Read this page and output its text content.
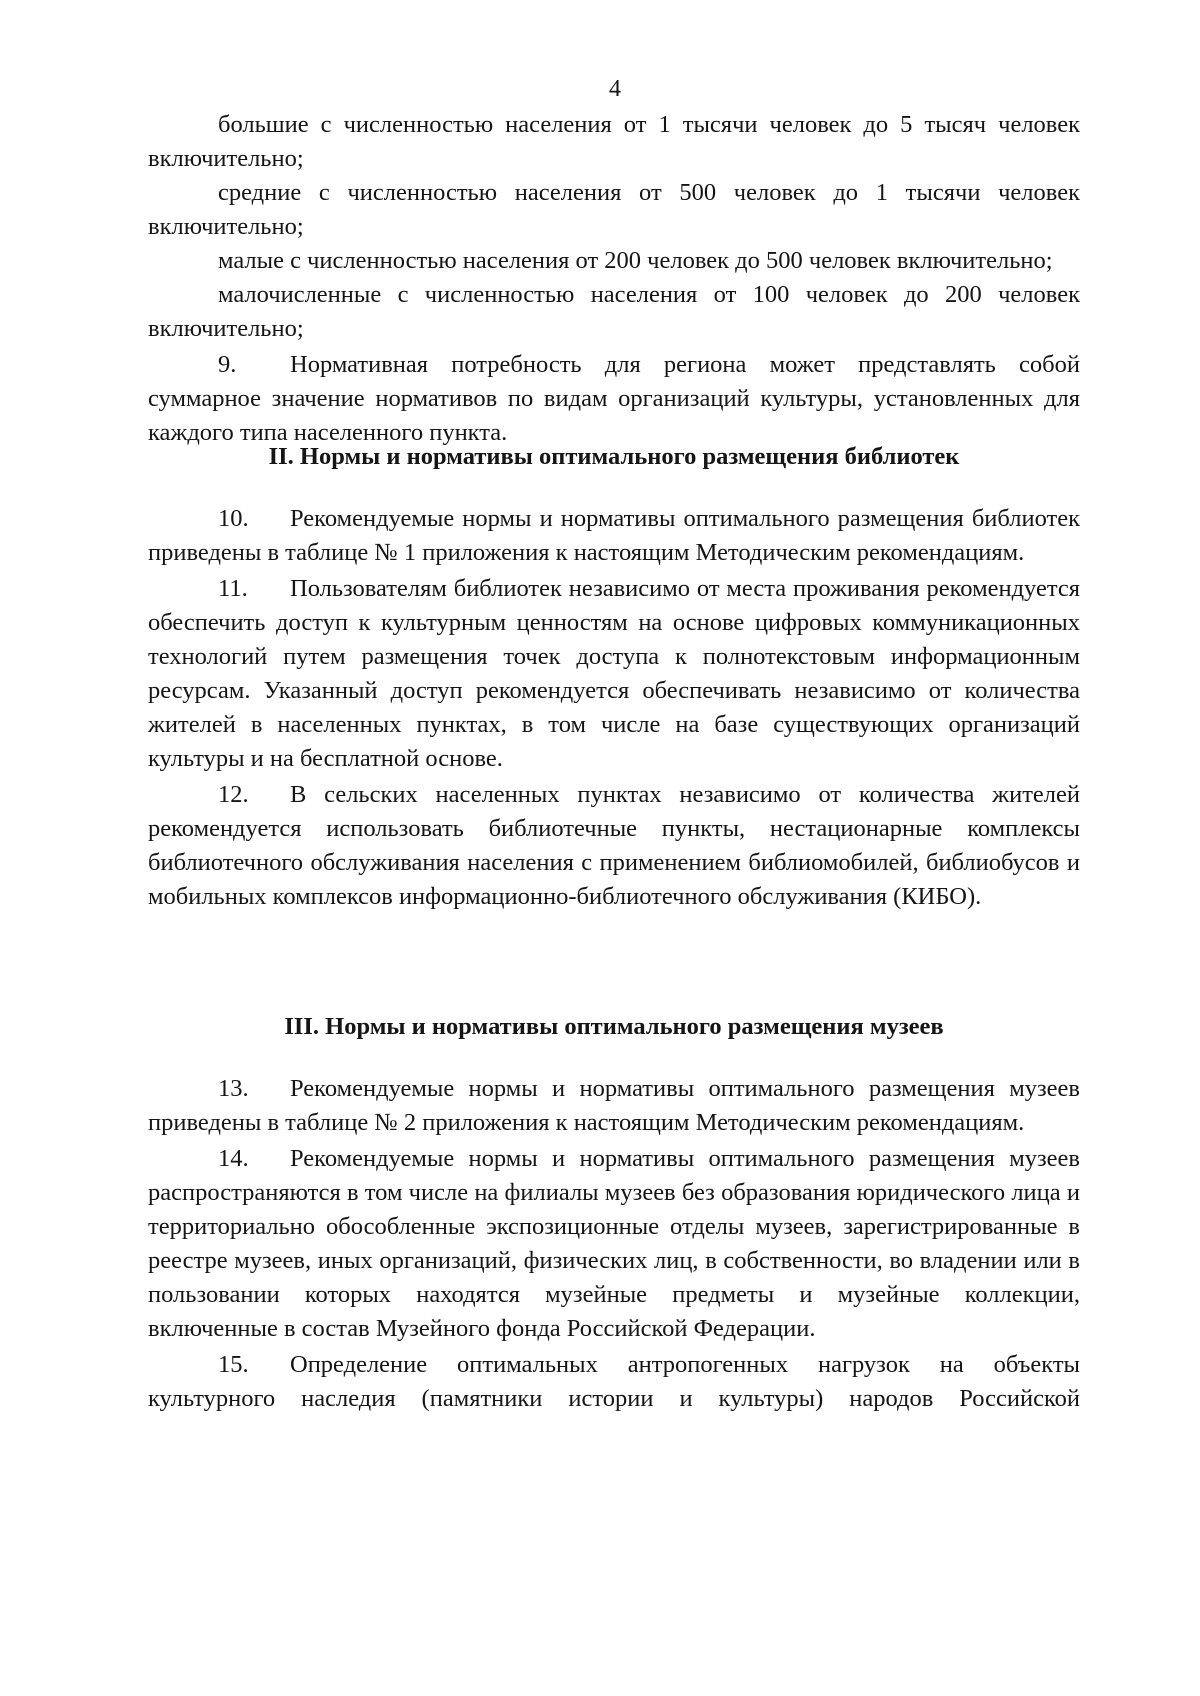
4

большие с численностью населения от 1 тысячи человек до 5 тысяч человек включительно;

средние с численностью населения от 500 человек до 1 тысячи человек включительно;

малые с численностью населения от 200 человек до 500 человек включительно;

малочисленные с численностью населения от 100 человек до 200 человек включительно;

9. Нормативная потребность для региона может представлять собой суммарное значение нормативов по видам организаций культуры, установленных для каждого типа населенного пункта.

II. Нормы и нормативы оптимального размещения библиотек

10. Рекомендуемые нормы и нормативы оптимального размещения библиотек приведены в таблице № 1 приложения к настоящим Методическим рекомендациям.

11. Пользователям библиотек независимо от места проживания рекомендуется обеспечить доступ к культурным ценностям на основе цифровых коммуникационных технологий путем размещения точек доступа к полнотекстовым информационным ресурсам. Указанный доступ рекомендуется обеспечивать независимо от количества жителей в населенных пунктах, в том числе на базе существующих организаций культуры и на бесплатной основе.

12. В сельских населенных пунктах независимо от количества жителей рекомендуется использовать библиотечные пункты, нестационарные комплексы библиотечного обслуживания населения с применением библиомобилей, библиобусов и мобильных комплексов информационно-библиотечного обслуживания (КИБО).

III. Нормы и нормативы оптимального размещения музеев

13. Рекомендуемые нормы и нормативы оптимального размещения музеев приведены в таблице № 2 приложения к настоящим Методическим рекомендациям.

14. Рекомендуемые нормы и нормативы оптимального размещения музеев распространяются в том числе на филиалы музеев без образования юридического лица и территориально обособленные экспозиционные отделы музеев, зарегистрированные в реестре музеев, иных организаций, физических лиц, в собственности, во владении или в пользовании которых находятся музейные предметы и музейные коллекции, включенные в состав Музейного фонда Российской Федерации.

15. Определение оптимальных антропогенных нагрузок на объекты культурного наследия (памятники истории и культуры) народов Российской
